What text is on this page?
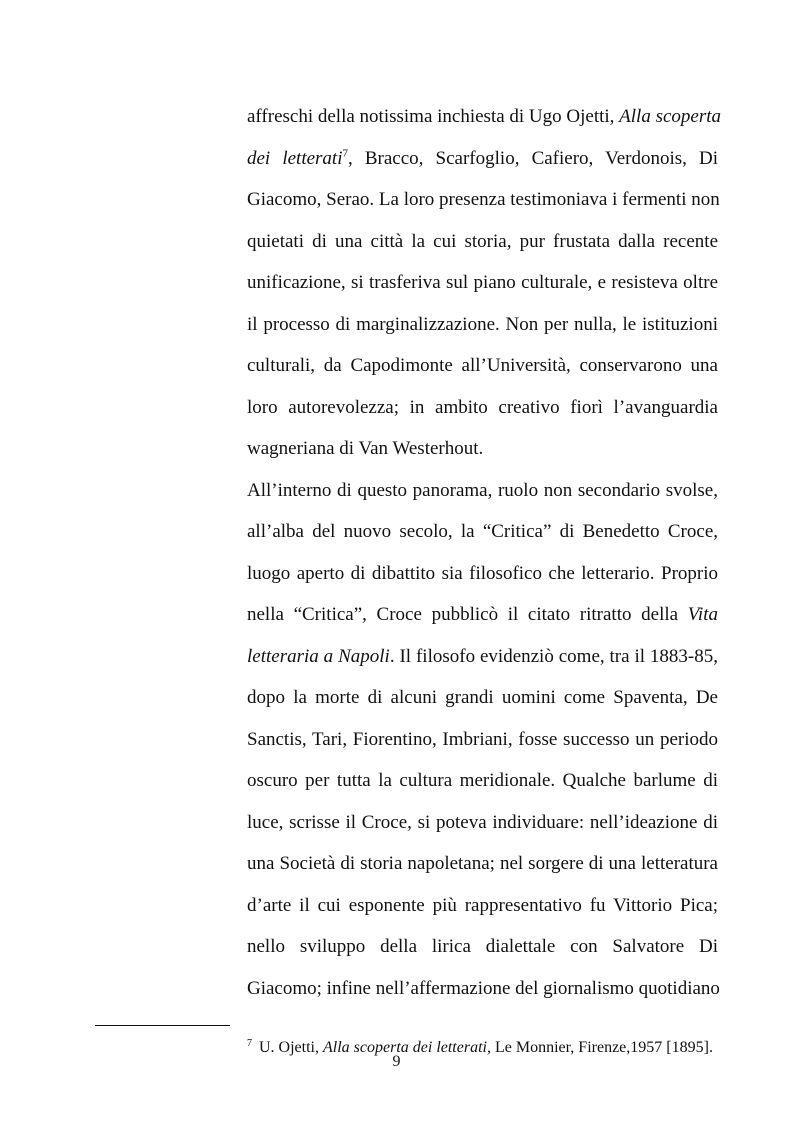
affreschi della notissima inchiesta di Ugo Ojetti, Alla scoperta
dei letterati$^7$, Bracco, Scarfoglio, Cafiero, Verdonois, Di
Giacomo, Serao. La loro presenza testimoniava i fermenti non
quietati di una città la cui storia, pur frustata dalla recente
unificazione, si trasferiva sul piano culturale, e resisteva oltre
il processo di marginalizzazione. Non per nulla, le istituzioni
culturali, da Capodimonte all’Università, conservarono una
loro autorevolezza; in ambito creativo fiorì l’avanguardia
wagneriana di Van Westerhout.
All’interno di questo panorama, ruolo non secondario svolse,
all’alba del nuovo secolo, la “Critica” di Benedetto Croce,
luogo aperto di dibattito sia filosofico che letterario. Proprio
nella “Critica”, Croce pubblicò il citato ritratto della Vita
letteraria a Napoli. Il filosofo evidenziò come, tra il 1883-85,
dopo la morte di alcuni grandi uomini come Spaventa, De
Sanctis, Tari, Fiorentino, Imbriani, fosse successo un periodo
oscuro per tutta la cultura meridionale. Qualche barlume di
luce, scrisse il Croce, si poteva individuare: nell’ideazione di
una Società di storia napoletana; nel sorgere di una letteratura
d’arte il cui esponente più rappresentativo fu Vittorio Pica;
nello sviluppo della lirica dialettale con Salvatore Di
Giacomo; infine nell’affermazione del giornalismo quotidiano
$^7$ U. Ojetti, Alla scoperta dei letterati, Le Monnier, Firenze,1957 [1895].
9
